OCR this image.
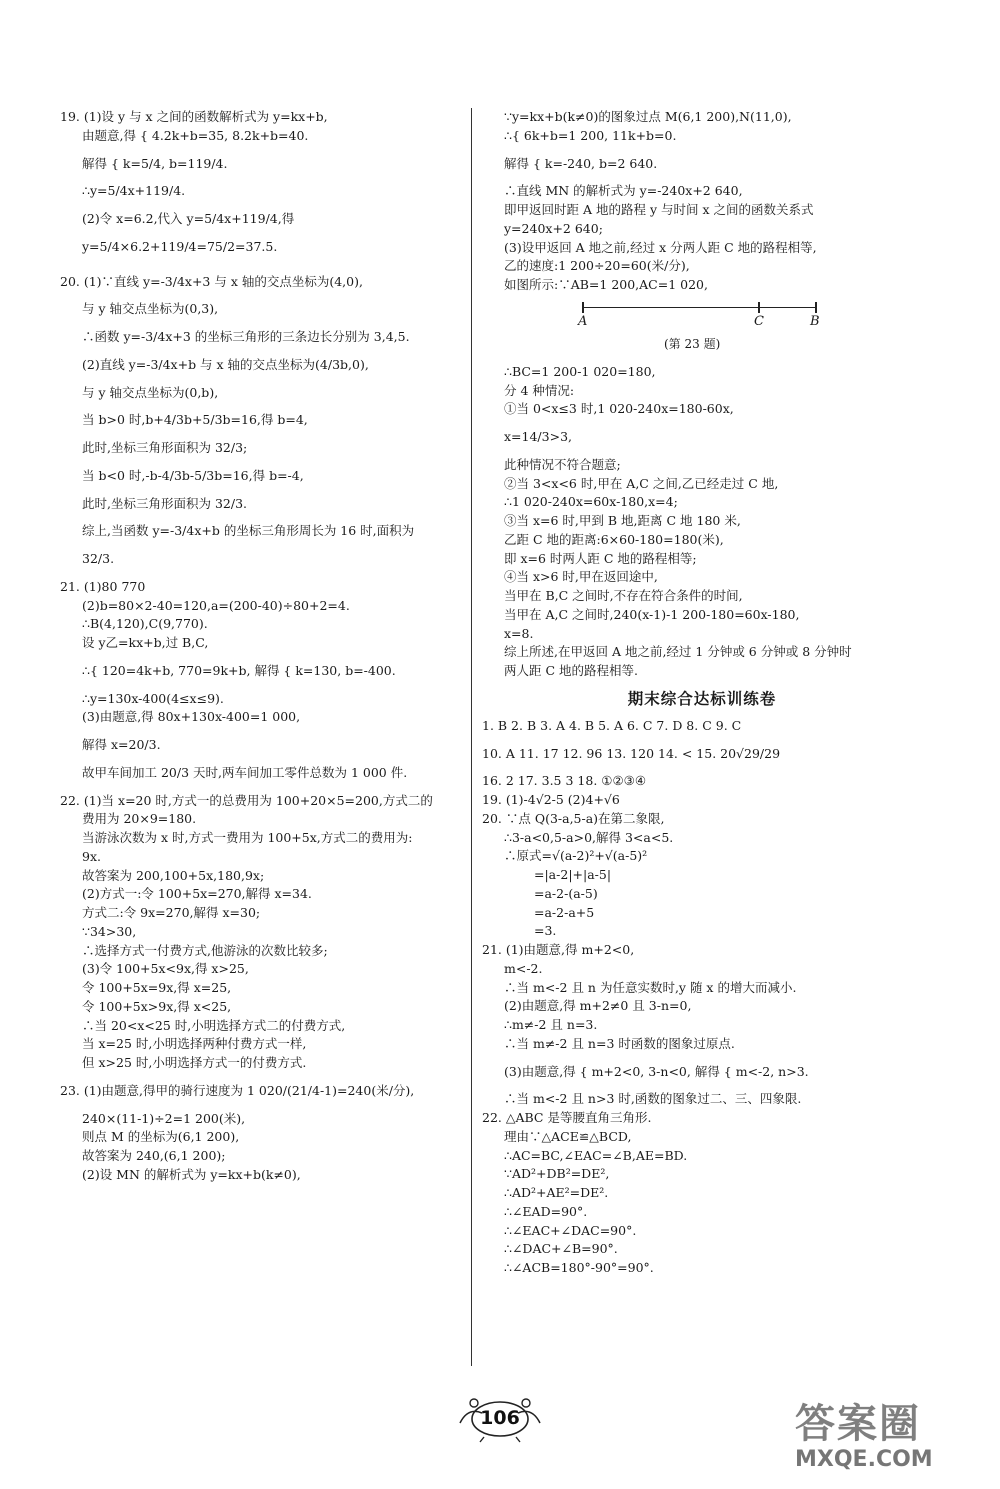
19. (1)设 y 与 x 之间的函数解析式为 y=kx+b,
由题意,得 { 4.2k+b=35, 8.2k+b=40.
解得 { k=5/4, b=119/4.
∴y=5/4x+119/4.
(2)令 x=6.2,代入 y=5/4x+119/4,得
y=5/4×6.2+119/4=75/2=37.5.
20. (1)∵直线 y=-3/4x+3 与 x 轴的交点坐标为(4,0),
与 y 轴交点坐标为(0,3),
∴函数 y=-3/4x+3 的坐标三角形的三条边长分别为 3,4,5.
(2)直线 y=-3/4x+b 与 x 轴的交点坐标为(4/3b,0),
与 y 轴交点坐标为(0,b),
当 b>0 时,b+4/3b+5/3b=16,得 b=4,
此时,坐标三角形面积为 32/3;
当 b<0 时,-b-4/3b-5/3b=16,得 b=-4,
此时,坐标三角形面积为 32/3.
综上,当函数 y=-3/4x+b 的坐标三角形周长为 16 时,面积为
32/3.
21. (1)80 770
(2)b=80×2-40=120,a=(200-40)÷80+2=4.
∴B(4,120),C(9,770).
设 y乙=kx+b,过 B,C,
∴{ 120=4k+b, 770=9k+b, 解得 { k=130, b=-400.
∴y=130x-400(4≤x≤9).
(3)由题意,得 80x+130x-400=1 000,
解得 x=20/3.
故甲车间加工 20/3 天时,两车间加工零件总数为 1 000 件.
22. (1)当 x=20 时,方式一的总费用为 100+20×5=200,方式二的
费用为 20×9=180.
当游泳次数为 x 时,方式一费用为 100+5x,方式二的费用为:
9x.
故答案为 200,100+5x,180,9x;
(2)方式一:令 100+5x=270,解得 x=34.
方式二:令 9x=270,解得 x=30;
∵34>30,
∴选择方式一付费方式,他游泳的次数比较多;
(3)令 100+5x<9x,得 x>25,
令 100+5x=9x,得 x=25,
令 100+5x>9x,得 x<25,
∴当 20<x<25 时,小明选择方式二的付费方式,
当 x=25 时,小明选择两种付费方式一样,
但 x>25 时,小明选择方式一的付费方式.
23. (1)由题意,得甲的骑行速度为 1 020/(21/4-1)=240(米/分),
240×(11-1)÷2=1 200(米),
则点 M 的坐标为(6,1 200),
故答案为 240,(6,1 200);
(2)设 MN 的解析式为 y=kx+b(k≠0),
∵y=kx+b(k≠0)的图象过点 M(6,1 200),N(11,0),
∴{ 6k+b=1 200, 11k+b=0.
解得 { k=-240, b=2 640.
∴直线 MN 的解析式为 y=-240x+2 640,
即甲返回时距 A 地的路程 y 与时间 x 之间的函数关系式
y=240x+2 640;
(3)设甲返回 A 地之前,经过 x 分两人距 C 地的路程相等,
乙的速度:1 200÷20=60(米/分),
如图所示:∵AB=1 200,AC=1 020,
A	C	B
(第 23 题)
∴BC=1 200-1 020=180,
分 4 种情况:
①当 0<x≤3 时,1 020-240x=180-60x,
x=14/3>3,
此种情况不符合题意;
②当 3<x<6 时,甲在 A,C 之间,乙已经走过 C 地,
∴1 020-240x=60x-180,x=4;
③当 x=6 时,甲到 B 地,距离 C 地 180 米,
乙距 C 地的距离:6×60-180=180(米),
即 x=6 时两人距 C 地的路程相等;
④当 x>6 时,甲在返回途中,
当甲在 B,C 之间时,不存在符合条件的时间,
当甲在 A,C 之间时,240(x-1)-1 200-180=60x-180,
x=8.
综上所述,在甲返回 A 地之前,经过 1 分钟或 6 分钟或 8 分钟时
两人距 C 地的路程相等.
期末综合达标训练卷
1. B 2. B 3. A 4. B 5. A 6. C 7. D 8. C 9. C
10. A 11. 17 12. 96 13. 120 14. < 15. 20√29/29
16. 2 17. 3.5 3 18. ①②③④
19. (1)-4√2-5 (2)4+√6
20. ∵点 Q(3-a,5-a)在第二象限,
∴3-a<0,5-a>0,解得 3<a<5.
∴原式=√(a-2)²+√(a-5)²
=|a-2|+|a-5|
=a-2-(a-5)
=a-2-a+5
=3.
21. (1)由题意,得 m+2<0,
m<-2.
∴当 m<-2 且 n 为任意实数时,y 随 x 的增大而减小.
(2)由题意,得 m+2≠0 且 3-n=0,
∴m≠-2 且 n=3.
∴当 m≠-2 且 n=3 时函数的图象过原点.
(3)由题意,得 { m+2<0, 3-n<0, 解得 { m<-2, n>3.
∴当 m<-2 且 n>3 时,函数的图象过二、三、四象限.
22. △ABC 是等腰直角三角形.
理由∵△ACE≌△BCD,
∴AC=BC,∠EAC=∠B,AE=BD.
∵AD²+DB²=DE²,
∴AD²+AE²=DE².
∴∠EAD=90°.
∴∠EAC+∠DAC=90°.
∴∠DAC+∠B=90°.
∴∠ACB=180°-90°=90°.
106	答案圈
MXQE.COM
